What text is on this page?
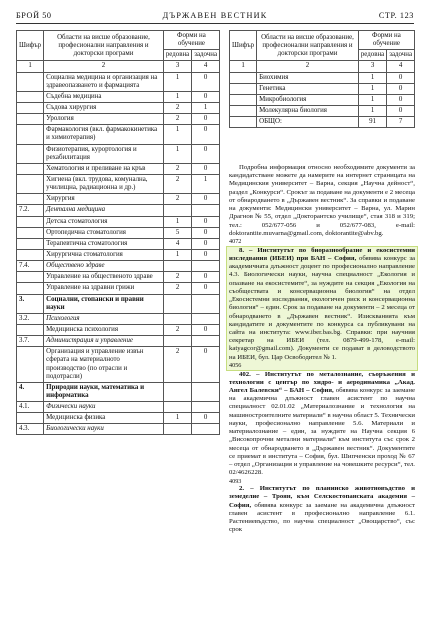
БРОЙ 50	ДЪРЖАВЕН ВЕСТНИК	СТР. 123
Шифър	Области на висше образование, професионални направления и докторски програми	Форми на обучение	
		редовна	задочна
1	2	3	4
	Социална медицина и организация на здравеопазването и фармацията	1	0
	Съдебна медицина	1	0
	Съдова хирургия	2	1
	Урология	2	0
	Фармакология (вкл. фармакокинетика и химиотерапия)	1	0
	Физиотерапия, курортология и рехабилитация	1	0
	Хематология и преливане на кръв	2	0
	Хигиена (вкл. трудова, комунална, училищна, радиационна и др.)	2	1
	Хирургия	2	0
7.2.	Дентална медицина		
	Детска стоматология	1	0
	Ортопедична стоматология	5	0
	Терапевтична стоматология	4	0
	Хирургична стоматология	1	0
7.4.	Обществено здраве		
	Управление на общественото здраве	2	0
	Управление на здравни грижи	2	0
3.	Социални, стопански и правни науки		
3.2.	Психология		
	Медицинска психология	2	0
3.7.	Администрация и управление		
	Организация и управление извън сферата на материалното производство (по отрасли и подотрасли)	2	0
4.	Природни науки, математика и информатика		
4.1.	Физически науки		
	Медицинска физика	1	0
4.3.	Биологически науки		
Шифър	Области на висше образование, професионални направления и докторски програми	Форми на обучение	
		редовна	задочна
1	2	3	4
	Биохимия	1	0
	Генетика	1	0
	Микробиология	1	0
	Молекулярна биология	1	0
	ОБЩО:	91	7

Подробна информация относно необходимите документи за кандидатстване можете да намерите на интернет страницата на Медицинския университет – Варна, секция „Научна дейност“, раздел „Конкурси“. Срокът за подаване на документи е 2 месеца от обнародването в „Държавен вестник“. За справки и подаване на документи: Медицински университет – Варна, ул. Марин Драгнов № 55, отдел „Докторантско училище“, стая 318 и 319; тел.: 052/677-056 и 052/677-083, e-mail: doktorantite.muvarna@gmail.com, doktorantite@abv.bg.

4072

8. – Институтът по биоразнообразие и екосистемни изследвания (ИБЕИ) при БАН – София, обявява конкурс за академичната длъжност доцент по професионално направление 4.3. Биологически науки, научна специалност „Екология и опазване на екосистемите“, за нуждите на секция „Екология на съобществата и консервационна биология“ на отдел „Екосистемни изследвания, екологичен риск и консервационна биология“ – един. Срок за подаване на документи – 2 месеца от обнародването в „Държавен вестник“. Изискванията към кандидатите и документите по конкурса са публикувани на сайта на института: www.iber.bas.bg. Справки: при научния секретар на ИБЕИ (тел. 0879-499-178, e-mail: katyagcor@gmail.com). Документи се подават в деловодството на ИБЕИ, бул. Цар Освободител № 1.

4056

402. – Институтът по металознание, съоръжения и технологии с център по хидро- и аеродинамика „Акад. Ангел Балевски“ – БАН – София, обявява конкурс за заемане на академична длъжност главен асистент по научна специалност 02.01.02 „Материалознание и технология на машиностроителните материали“ в научна област 5. Технически науки, професионално направление 5.6. Материали и материалознание – един, за нуждите на Научна секция 6 „Високопрочни метални материали“ към института със срок 2 месеца от обнародването в „Държавен вестник“. Документите се приемат в института – София, бул. Шипченски проход № 67 – отдел „Организация и управление на човешките ресурси“, тел. 02/4626228.

4093

2. – Институтът по планинско животновъдство и земеделие – Троян, към Селскостопанската академия – София, обявява конкурс за заемане на академична длъжност главен асистент в професионално направление 6.1. Растениевъдство, по научна специалност „Овощарство“, със срок
